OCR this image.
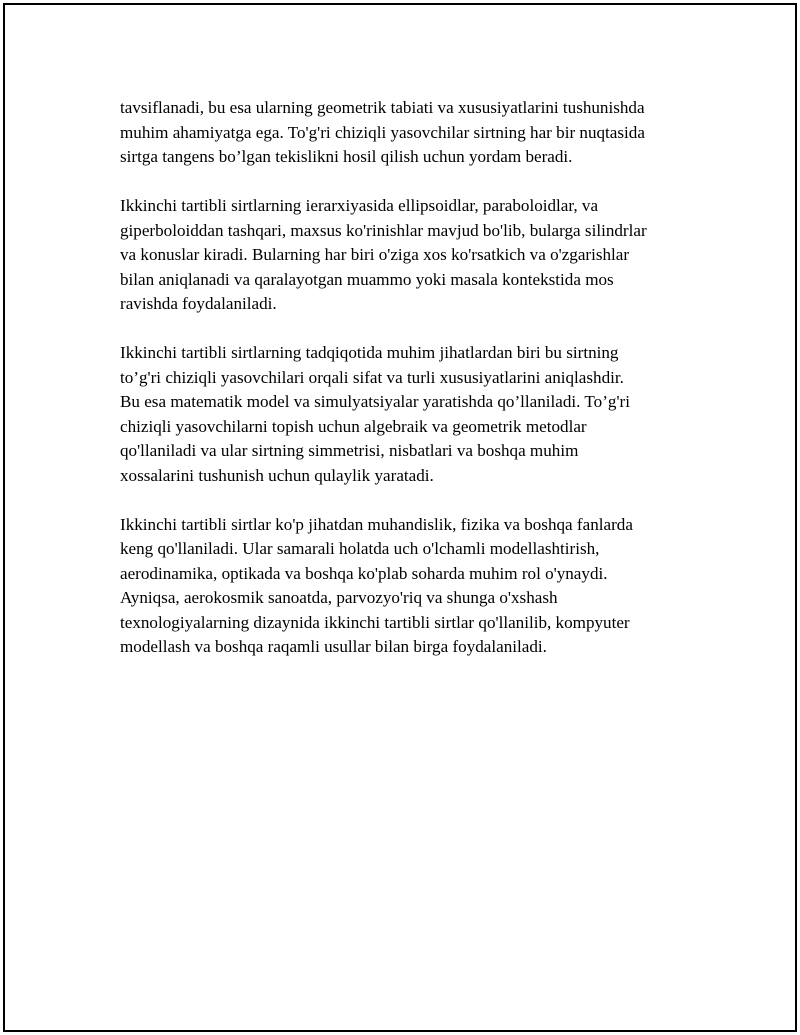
tavsiflanadi, bu esa ularning geometrik tabiati va xususiyatlarini tushunishda
muhim ahamiyatga ega. To'g'ri chiziqli yasovchilar sirtning har bir nuqtasida
sirtga tangens bo’lgan tekislikni hosil qilish uchun yordam beradi.

Ikkinchi tartibli sirtlarning ierarxiyasida ellipsoidlar, paraboloidlar, va
giperboloiddan tashqari, maxsus ko'rinishlar mavjud bo'lib, bularga silindrlar
va konuslar kiradi. Bularning har biri o'ziga xos ko'rsatkich va o'zgarishlar
bilan aniqlanadi va qaralayotgan muammo yoki masala kontekstida mos
ravishda foydalaniladi.

Ikkinchi tartibli sirtlarning tadqiqotida muhim jihatlardan biri bu sirtning
to’g'ri chiziqli yasovchilari orqali sifat va turli xususiyatlarini aniqlashdir.
Bu esa matematik model va simulyatsiyalar yaratishda qo’llaniladi. To’g'ri
chiziqli yasovchilarni topish uchun algebraik va geometrik metodlar
qo'llaniladi va ular sirtning simmetrisi, nisbatlari va boshqa muhim
xossalarini tushunish uchun qulaylik yaratadi.

Ikkinchi tartibli sirtlar ko'p jihatdan muhandislik, fizika va boshqa fanlarda
keng qo'llaniladi. Ular samarali holatda uch o'lchamli modellashtirish,
aerodinamika, optikada va boshqa ko'plab soharda muhim rol o'ynaydi.
Ayniqsa, aerokosmik sanoatda, parvozyo'riq va shunga o'xshash
texnologiyalarning dizaynida ikkinchi tartibli sirtlar qo'llanilib, kompyuter
modellash va boshqa raqamli usullar bilan birga foydalaniladi.
